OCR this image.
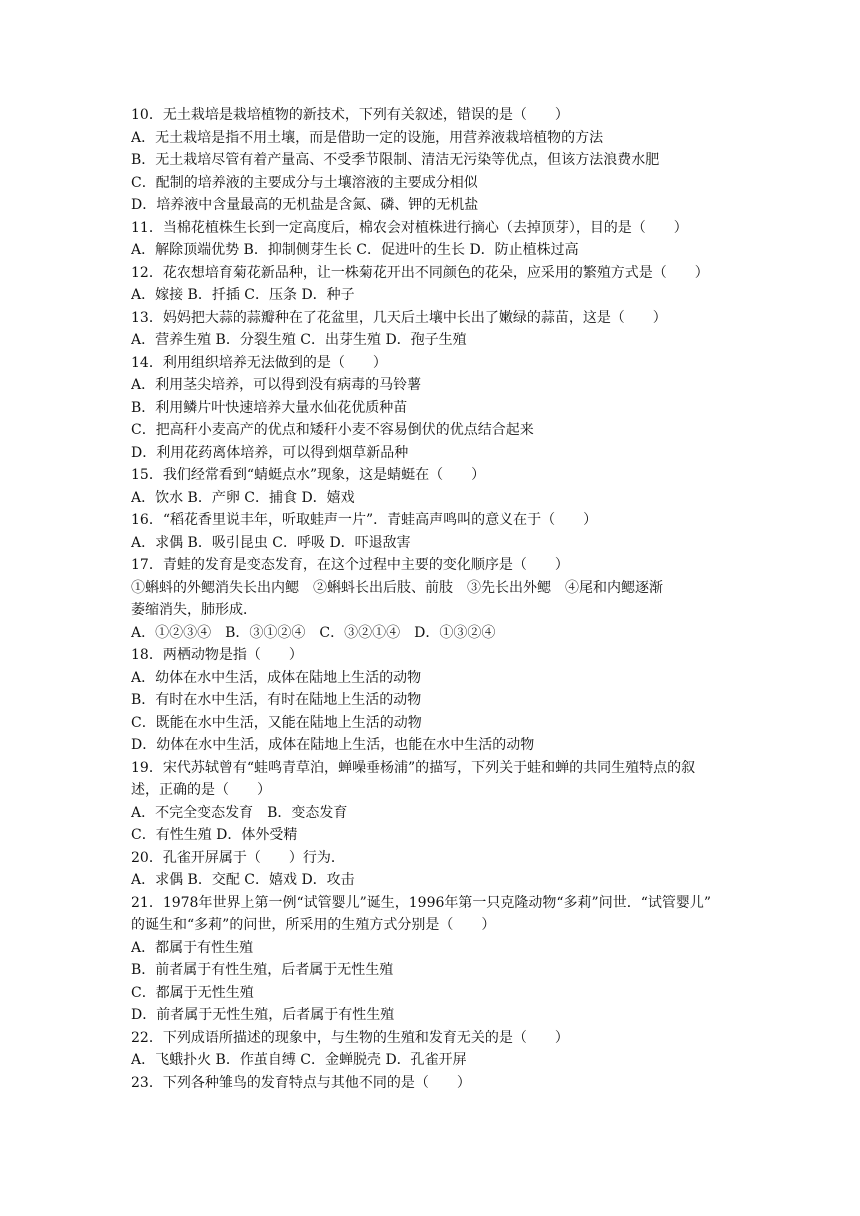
10．无土栽培是栽培植物的新技术，下列有关叙述，错误的是（　　）
A．无土栽培是指不用土壤，而是借助一定的设施，用营养液栽培植物的方法
B．无土栽培尽管有着产量高、不受季节限制、清洁无污染等优点，但该方法浪费水肥
C．配制的培养液的主要成分与土壤溶液的主要成分相似
D．培养液中含量最高的无机盐是含氮、磷、钾的无机盐
11．当棉花植株生长到一定高度后，棉农会对植株进行摘心（去掉顶芽），目的是（　　）
A．解除顶端优势 B．抑制侧芽生长 C．促进叶的生长 D．防止植株过高
12．花农想培育菊花新品种，让一株菊花开出不同颜色的花朵，应采用的繁殖方式是（　　）
A．嫁接 B．扦插 C．压条 D．种子
13．妈妈把大蒜的蒜瓣种在了花盆里，几天后土壤中长出了嫩绿的蒜苗，这是（　　）
A．营养生殖 B．分裂生殖 C．出芽生殖 D．孢子生殖
14．利用组织培养无法做到的是（　　）
A．利用茎尖培养，可以得到没有病毒的马铃薯
B．利用鳞片叶快速培养大量水仙花优质种苗
C．把高秆小麦高产的优点和矮秆小麦不容易倒伏的优点结合起来
D．利用花药离体培养，可以得到烟草新品种
15．我们经常看到“蜻蜓点水”现象，这是蜻蜓在（　　）
A．饮水 B．产卵 C．捕食 D．嬉戏
16．“稻花香里说丰年，听取蛙声一片”．青蛙高声鸣叫的意义在于（　　）
A．求偶 B．吸引昆虫 C．呼吸 D．吓退敌害
17．青蛙的发育是变态发育，在这个过程中主要的变化顺序是（　　）
①蝌蚪的外鳃消失长出内鳃　②蝌蚪长出后肢、前肢　③先长出外鳃　④尾和内鳃逐渐
萎缩消失，肺形成．
A．①②③④　B．③①②④　C．③②①④　D．①③②④
18．两栖动物是指（　　）
A．幼体在水中生活，成体在陆地上生活的动物
B．有时在水中生活，有时在陆地上生活的动物
C．既能在水中生活，又能在陆地上生活的动物
D．幼体在水中生活，成体在陆地上生活，也能在水中生活的动物
19．宋代苏轼曾有“蛙鸣青草泊，蝉噪垂杨浦”的描写，下列关于蛙和蝉的共同生殖特点的叙
述，正确的是（　　）
A．不完全变态发育　B．变态发育
C．有性生殖 D．体外受精
20．孔雀开屏属于（　　）行为．
A．求偶 B．交配 C．嬉戏 D．攻击
21．1978年世界上第一例“试管婴儿”诞生，1996年第一只克隆动物“多莉”问世．“试管婴儿”
的诞生和“多莉”的问世，所采用的生殖方式分别是（　　）
A．都属于有性生殖
B．前者属于有性生殖，后者属于无性生殖
C．都属于无性生殖
D．前者属于无性生殖，后者属于有性生殖
22．下列成语所描述的现象中，与生物的生殖和发育无关的是（　　）
A．飞蛾扑火 B．作茧自缚 C．金蝉脱壳 D．孔雀开屏
23．下列各种雏鸟的发育特点与其他不同的是（　　）
